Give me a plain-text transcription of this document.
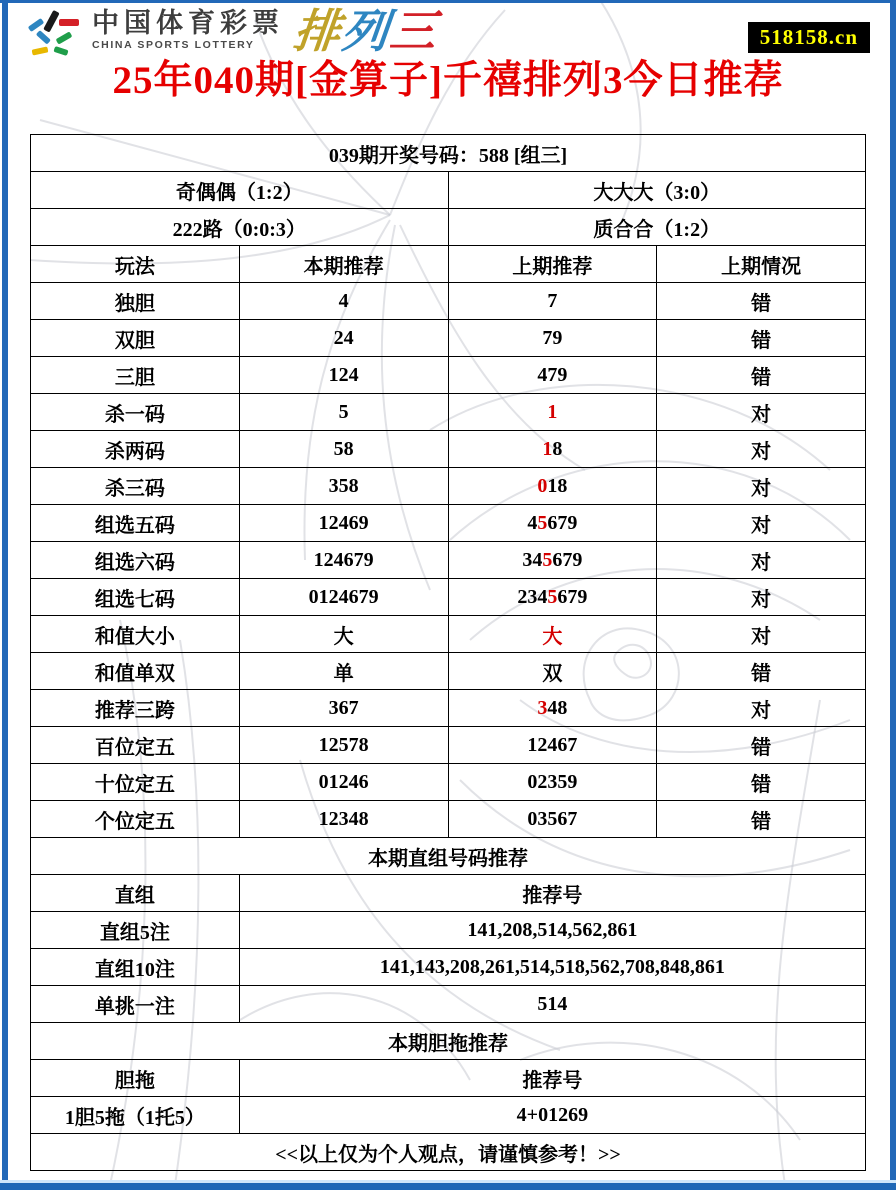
中国体育彩票
CHINA SPORTS LOTTERY 排列三	518158.cn
25年040期[金算子]千禧排列3今日推荐
039期开奖号码：588 [组三]			
奇偶偶（1:2）		大大大（3:0）	
222路（0:0:3）		质合合（1:2）	
玩法	本期推荐	上期推荐	上期情况
独胆	4	7	错
双胆	24	79	错
三胆	124	479	错
杀一码	5	1	对
杀两码	58	18	对
杀三码	358	018	对
组选五码	12469	45679	对
组选六码	124679	345679	对
组选七码	0124679	2345679	对
和值大小	大	大	对
和值单双	单	双	错
推荐三跨	367	348	对
百位定五	12578	12467	错
十位定五	01246	02359	错
个位定五	12348	03567	错
本期直组号码推荐			
直组	推荐号		
直组5注	141,208,514,562,861		
直组10注	141,143,208,261,514,518,562,708,848,861		
单挑一注	514		
本期胆拖推荐			
胆拖	推荐号		
1胆5拖（1托5）	4+01269		
<<以上仅为个人观点，请谨慎参考！>>			
